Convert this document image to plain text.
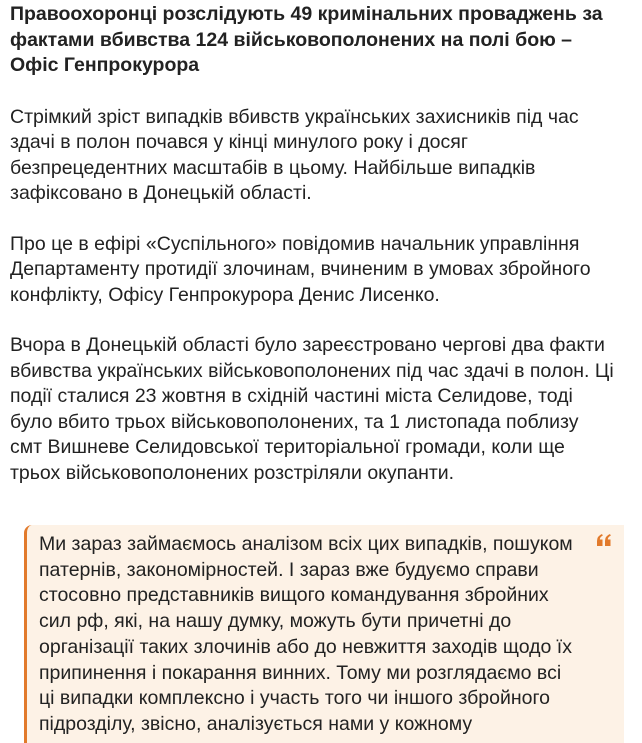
Правоохоронці розслідують 49 кримінальних проваджень за фактами вбивства 124 військовополонених на полі бою – Офіс Генпрокурора

Стрімкий зріст випадків вбивств українських захисників під час здачі в полон почався у кінці минулого року і досяг безпрецедентних масштабів в цьому. Найбільше випадків зафіксовано в Донецькій області.

Про це в ефірі «Суспільного» повідомив начальник управління Департаменту протидії злочинам, вчиненим в умовах збройного конфлікту, Офісу Генпрокурора Денис Лисенко.

Вчора в Донецькій області було зареєстровано чергові два факти вбивства українських військовополонених під час здачі в полон. Ці події сталися 23 жовтня в східній частині міста Селидове, тоді було вбито трьох військовополонених, та 1 листопада поблизу смт Вишневе Селидовської територіальної громади, коли ще трьох військовополонених розстріляли окупанти.

Ми зараз займаємось аналізом всіх цих випадків, пошуком патернів, закономірностей. І зараз вже будуємо справи стосовно представників вищого командування збройних сил рф, які, на нашу думку, можуть бути причетні до організації таких злочинів або до невжиття заходів щодо їх припинення і покарання винних. Тому ми розглядаємо всі ці випадки комплексно і участь того чи іншого збройного підрозділу, звісно, аналізується нами у кожному
